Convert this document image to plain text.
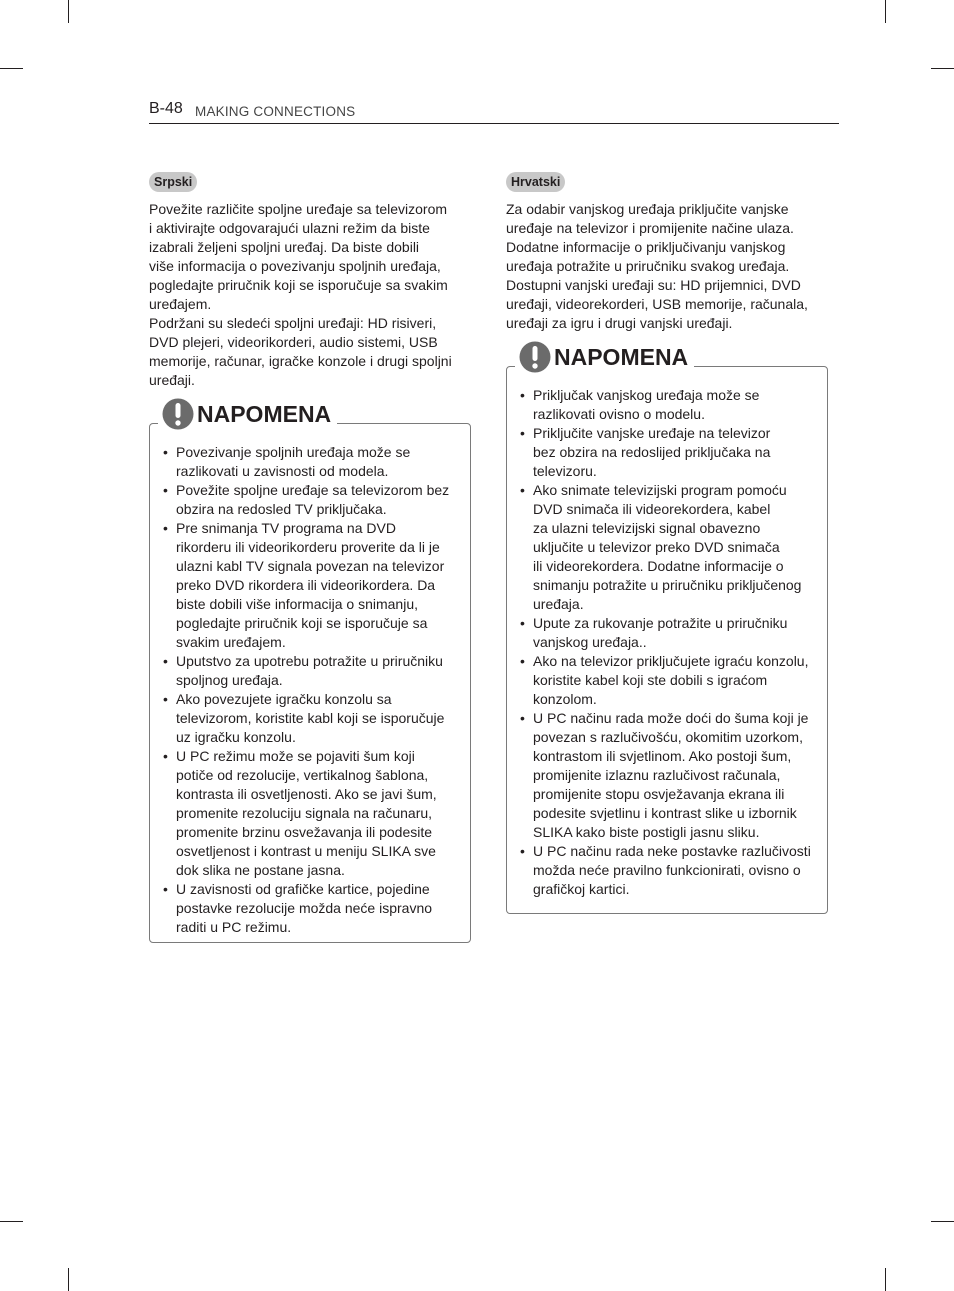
B-48 MAKING CONNECTIONS
Srpski
Povežite različite spoljne uređaje sa televizorom
i aktivirajte odgovarajući ulazni režim da biste
izabrali željeni spoljni uređaj. Da biste dobili
više informacija o povezivanju spoljnih uređaja,
pogledajte priručnik koji se isporučuje sa svakim
uređajem.
Podržani su sledeći spoljni uređaji: HD risiveri,
DVD plejeri, videorikorderi, audio sistemi, USB
memorije, računar, igračke konzole i drugi spoljni
uređaji.
NAPOMENA
• Povezivanje spoljnih uređaja može se
razlikovati u zavisnosti od modela.
• Povežite spoljne uređaje sa televizorom bez
obzira na redosled TV priključaka.
• Pre snimanja TV programa na DVD
rikorderu ili videorikorderu proverite da li je
ulazni kabl TV signala povezan na televizor
preko DVD rikordera ili videorikordera. Da
biste dobili više informacija o snimanju,
pogledajte priručnik koji se isporučuje sa
svakim uređajem.
• Uputstvo za upotrebu potražite u priručniku
spoljnog uređaja.
• Ako povezujete igračku konzolu sa
televizorom, koristite kabl koji se isporučuje
uz igračku konzolu.
• U PC režimu može se pojaviti šum koji
potiče od rezolucije, vertikalnog šablona,
kontrasta ili osvetljenosti. Ako se javi šum,
promenite rezoluciju signala na računaru,
promenite brzinu osvežavanja ili podesite
osvetljenost i kontrast u meniju SLIKA sve
dok slika ne postane jasna.
• U zavisnosti od grafičke kartice, pojedine
postavke rezolucije možda neće ispravno
raditi u PC režimu.
Hrvatski
Za odabir vanjskog uređaja priključite vanjske
uređaje na televizor i promijenite načine ulaza.
Dodatne informacije o priključivanju vanjskog
uređaja potražite u priručniku svakog uređaja.
Dostupni vanjski uređaji su: HD prijemnici, DVD
uređaji, videorekorderi, USB memorije, računala,
uređaji za igru i drugi vanjski uređaji.
NAPOMENA
• Priključak vanjskog uređaja može se
razlikovati ovisno o modelu.
• Priključite vanjske uređaje na televizor
bez obzira na redoslijed priključaka na
televizoru.
• Ako snimate televizijski program pomoću
DVD snimača ili videorekordera, kabel
za ulazni televizijski signal obavezno
uključite u televizor preko DVD snimača
ili videorekordera. Dodatne informacije o
snimanju potražite u priručniku priključenog
uređaja.
• Upute za rukovanje potražite u priručniku
vanjskog uređaja..
• Ako na televizor priključujete igraću konzolu,
koristite kabel koji ste dobili s igraćom
konzolom.
• U PC načinu rada može doći do šuma koji je
povezan s razlučivošću, okomitim uzorkom,
kontrastom ili svjetlinom. Ako postoji šum,
promijenite izlaznu razlučivost računala,
promijenite stopu osvježavanja ekrana ili
podesite svjetlinu i kontrast slike u izbornik
SLIKA kako biste postigli jasnu sliku.
• U PC načinu rada neke postavke razlučivosti
možda neće pravilno funkcionirati, ovisno o
grafičkoj kartici.
